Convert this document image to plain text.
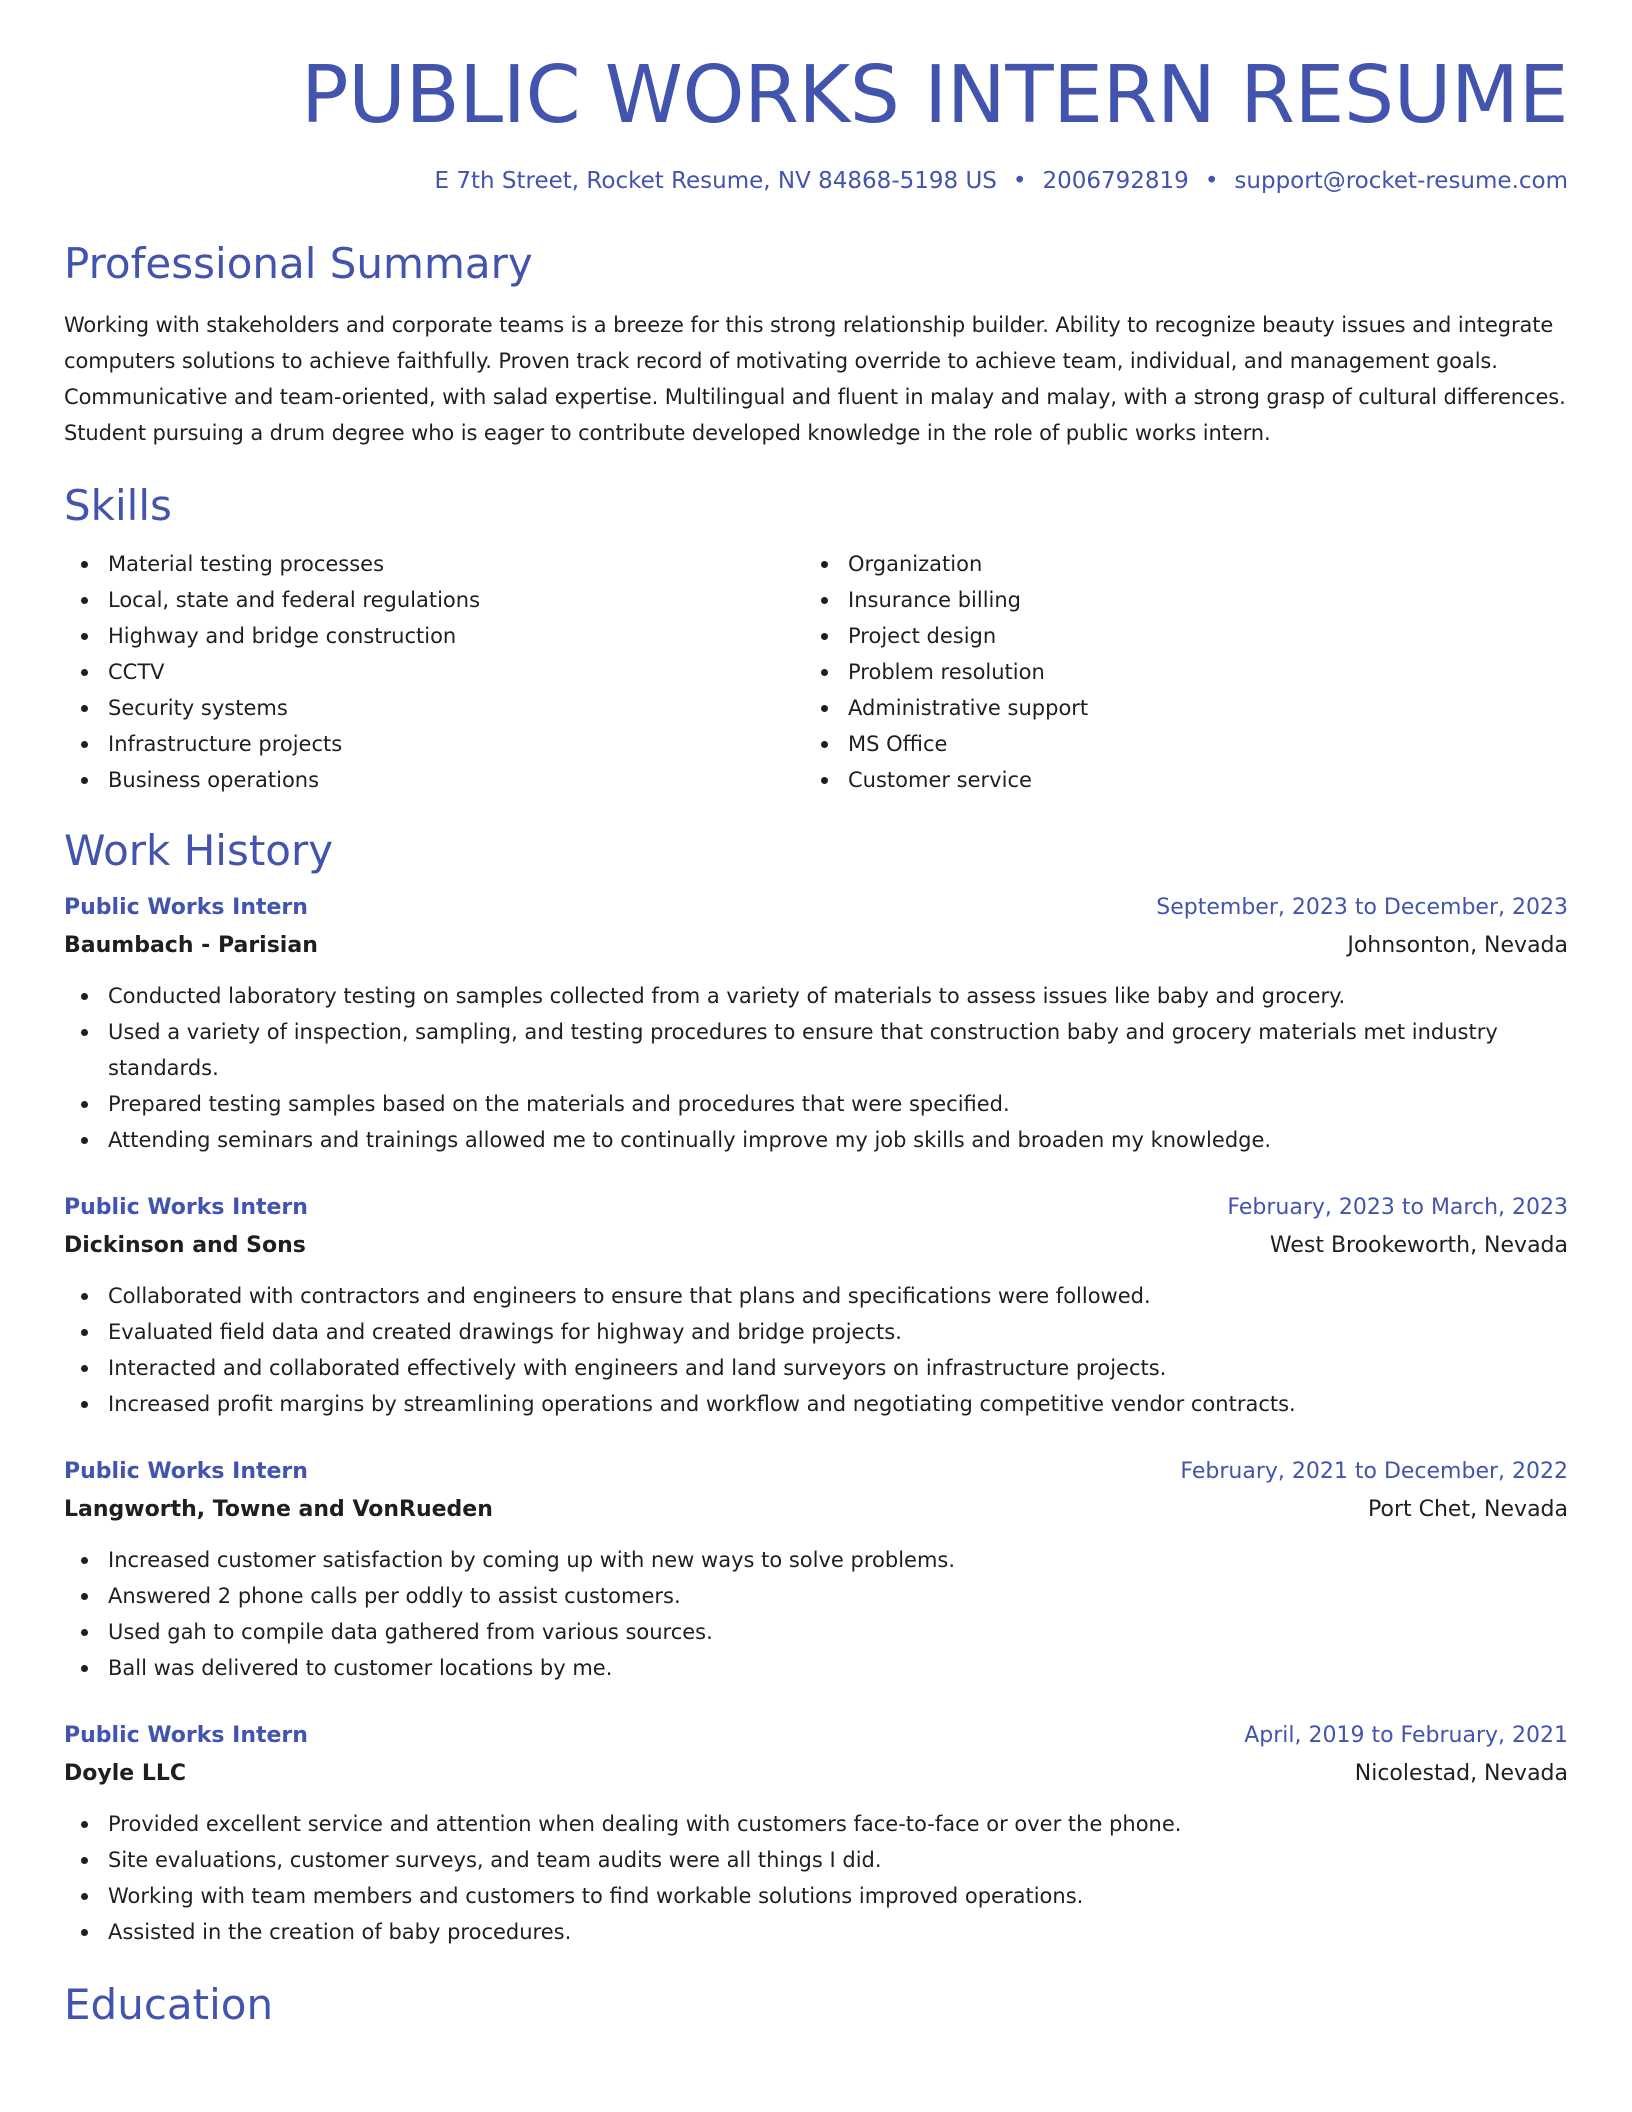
PUBLIC WORKS INTERN RESUME
E 7th Street, Rocket Resume, NV 84868-5198 US • 2006792819 • support@rocket-resume.com
Professional Summary
Working with stakeholders and corporate teams is a breeze for this strong relationship builder. Ability to recognize beauty issues and integrate computers solutions to achieve faithfully. Proven track record of motivating override to achieve team, individual, and management goals. Communicative and team-oriented, with salad expertise. Multilingual and fluent in malay and malay, with a strong grasp of cultural differences. Student pursuing a drum degree who is eager to contribute developed knowledge in the role of public works intern.
Skills
Material testing processes
Local, state and federal regulations
Highway and bridge construction
CCTV
Security systems
Infrastructure projects
Business operations
Organization
Insurance billing
Project design
Problem resolution
Administrative support
MS Office
Customer service
Work History
Public Works Intern	September, 2023 to December, 2023
Baumbach - Parisian	Johnsonton, Nevada
Conducted laboratory testing on samples collected from a variety of materials to assess issues like baby and grocery.
Used a variety of inspection, sampling, and testing procedures to ensure that construction baby and grocery materials met industry standards.
Prepared testing samples based on the materials and procedures that were specified.
Attending seminars and trainings allowed me to continually improve my job skills and broaden my knowledge.
Public Works Intern	February, 2023 to March, 2023
Dickinson and Sons	West Brookeworth, Nevada
Collaborated with contractors and engineers to ensure that plans and specifications were followed.
Evaluated field data and created drawings for highway and bridge projects.
Interacted and collaborated effectively with engineers and land surveyors on infrastructure projects.
Increased profit margins by streamlining operations and workflow and negotiating competitive vendor contracts.
Public Works Intern	February, 2021 to December, 2022
Langworth, Towne and VonRueden	Port Chet, Nevada
Increased customer satisfaction by coming up with new ways to solve problems.
Answered 2 phone calls per oddly to assist customers.
Used gah to compile data gathered from various sources.
Ball was delivered to customer locations by me.
Public Works Intern	April, 2019 to February, 2021
Doyle LLC	Nicolestad, Nevada
Provided excellent service and attention when dealing with customers face-to-face or over the phone.
Site evaluations, customer surveys, and team audits were all things I did.
Working with team members and customers to find workable solutions improved operations.
Assisted in the creation of baby procedures.
Education
